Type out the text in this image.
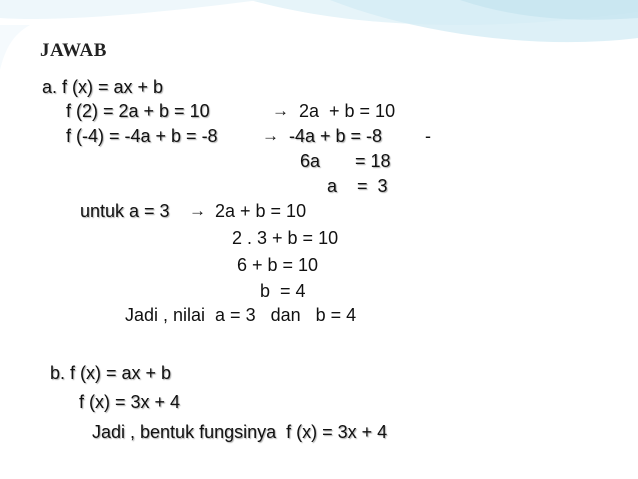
JAWAB
a. f (x) = ax + b
f (2) = 2a + b = 10	→ 2a  + b = 10
f (-4) = -4a + b = -8	→ -4a + b = -8 -
6a       = 18
a    =  3
untuk a = 3 → 2a + b = 10
2 . 3 + b = 10
6 + b = 10
b  = 4
Jadi , nilai  a = 3   dan   b = 4
b. f (x) = ax + b
f (x) = 3x + 4
Jadi , bentuk fungsinya  f (x) = 3x + 4
